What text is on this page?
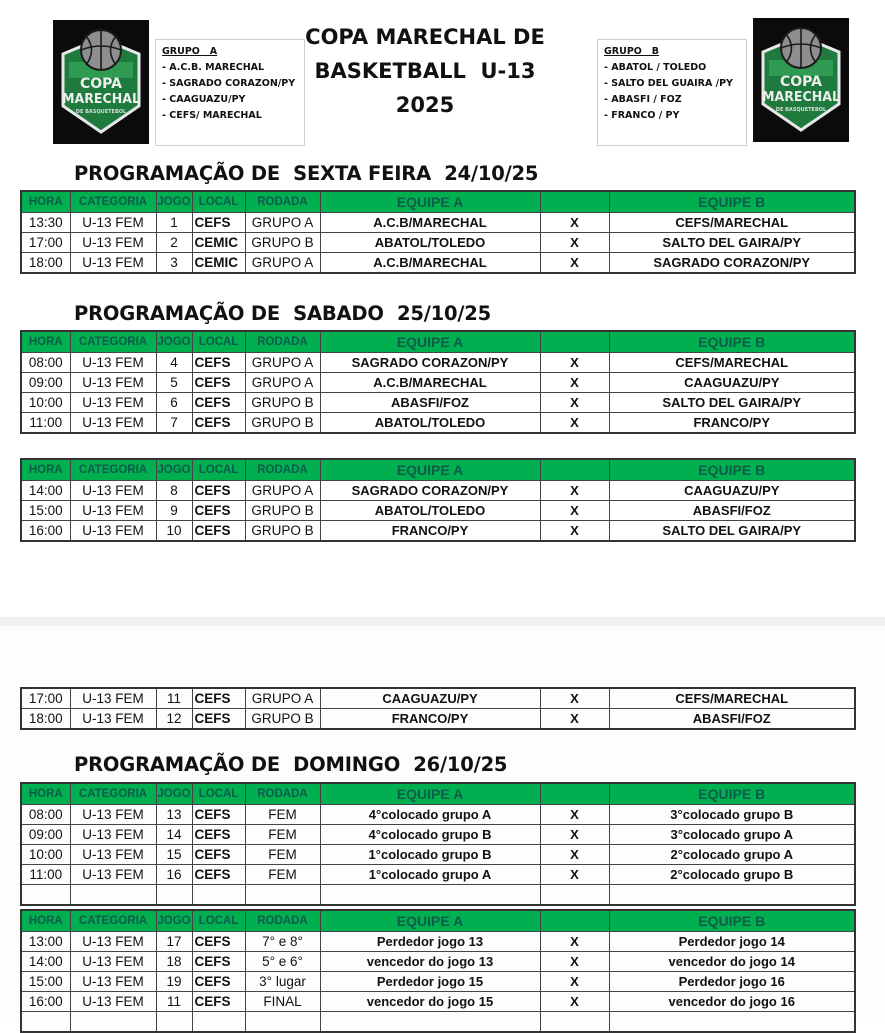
COPA
MARECHAL
DE BASQUETEBOL
COPA
MARECHAL
DE BASQUETEBOL
GRUPO   A
- A.C.B. MARECHAL
- SAGRADO CORAZON/PY
- CAAGUAZU/PY
- CEFS/ MARECHAL
GRUPO   B
- ABATOL / TOLEDO
- SALTO DEL GUAIRA /PY
- ABASFI / FOZ
- FRANCO / PY
COPA MARECHAL DE
BASKETBALL  U-13
2025
PROGRAMAÇÃO DE  SEXTA FEIRA  24/10/25
PROGRAMAÇÃO DE  SABADO  25/10/25
PROGRAMAÇÃO DE  DOMINGO  26/10/25
HORA	CATEGORIA	JOGO	LOCAL	RODADA	EQUIPE A		EQUIPE B
13:30	U-13 FEM	1	CEFS	GRUPO A	A.C.B/MARECHAL	X	CEFS/MARECHAL
17:00	U-13 FEM	2	CEMIC	GRUPO B	ABATOL/TOLEDO	X	SALTO DEL GAIRA/PY
18:00	U-13 FEM	3	CEMIC	GRUPO A	A.C.B/MARECHAL	X	SAGRADO CORAZON/PY
HORA	CATEGORIA	JOGO	LOCAL	RODADA	EQUIPE A		EQUIPE B
08:00	U-13 FEM	4	CEFS	GRUPO A	SAGRADO CORAZON/PY	X	CEFS/MARECHAL
09:00	U-13 FEM	5	CEFS	GRUPO A	A.C.B/MARECHAL	X	CAAGUAZU/PY
10:00	U-13 FEM	6	CEFS	GRUPO B	ABASFI/FOZ	X	SALTO DEL GAIRA/PY
11:00	U-13 FEM	7	CEFS	GRUPO B	ABATOL/TOLEDO	X	FRANCO/PY
HORA	CATEGORIA	JOGO	LOCAL	RODADA	EQUIPE A		EQUIPE B
14:00	U-13 FEM	8	CEFS	GRUPO A	SAGRADO CORAZON/PY	X	CAAGUAZU/PY
15:00	U-13 FEM	9	CEFS	GRUPO B	ABATOL/TOLEDO	X	ABASFI/FOZ
16:00	U-13 FEM	10	CEFS	GRUPO B	FRANCO/PY	X	SALTO DEL GAIRA/PY
17:00	U-13 FEM	11	CEFS	GRUPO A	CAAGUAZU/PY	X	CEFS/MARECHAL
18:00	U-13 FEM	12	CEFS	GRUPO B	FRANCO/PY	X	ABASFI/FOZ
HORA	CATEGORIA	JOGO	LOCAL	RODADA	EQUIPE A		EQUIPE B
08:00	U-13 FEM	13	CEFS	FEM	4°colocado grupo A	X	3°colocado grupo B
09:00	U-13 FEM	14	CEFS	FEM	4°colocado grupo B	X	3°colocado grupo A
10:00	U-13 FEM	15	CEFS	FEM	1°colocado grupo B	X	2°colocado grupo A
11:00	U-13 FEM	16	CEFS	FEM	1°colocado grupo A	X	2°colocado grupo B

HORA	CATEGORIA	JOGO	LOCAL	RODADA	EQUIPE A		EQUIPE B
13:00	U-13 FEM	17	CEFS	7° e 8°	Perdedor jogo 13	X	Perdedor jogo 14
14:00	U-13 FEM	18	CEFS	5° e 6°	vencedor do jogo 13	X	vencedor do jogo 14
15:00	U-13 FEM	19	CEFS	3° lugar	Perdedor jogo 15	X	Perdedor jogo 16
16:00	U-13 FEM	11	CEFS	FINAL	vencedor do jogo 15	X	vencedor do jogo 16
